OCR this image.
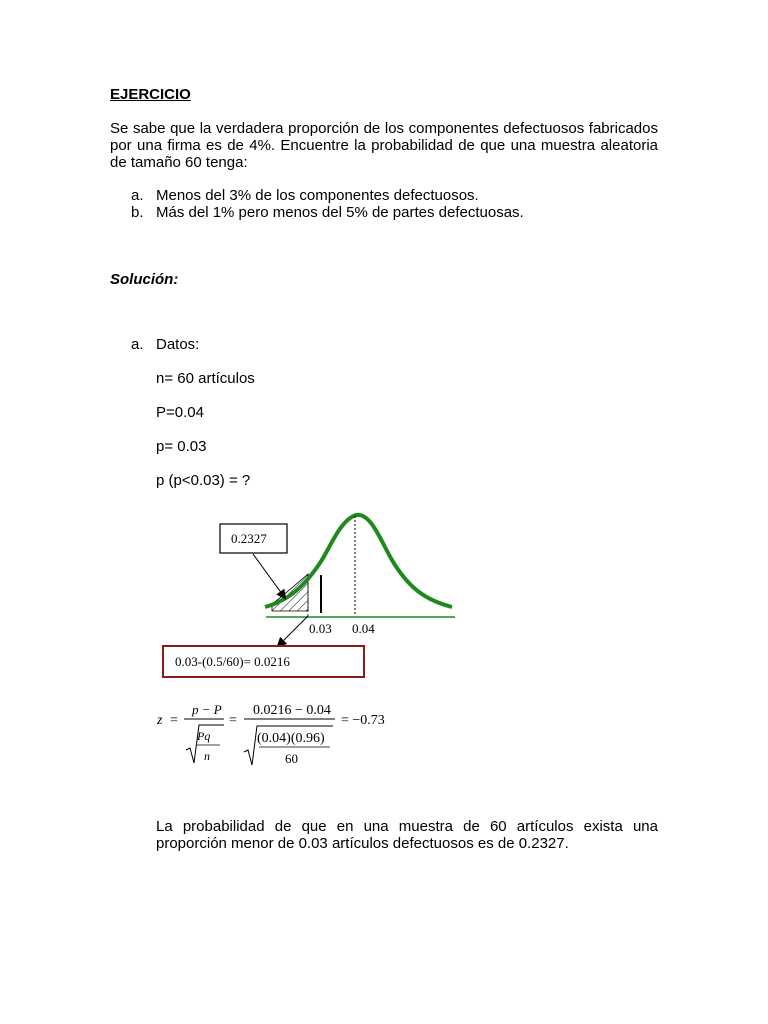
EJERCICIO
Se sabe que la verdadera proporción de los componentes defectuosos fabricados por una firma es de 4%. Encuentre la probabilidad de que una muestra aleatoria de tamaño 60 tenga:
a. Menos del 3% de los componentes defectuosos.
b. Más del 1% pero menos del 5% de partes defectuosas.
Solución:
a. Datos:
n= 60 artículos
P=0.04
p= 0.03
p (p<0.03) = ?
0.2327
0.03 0.04
0.03-(0.5/60)= 0.0216
z =
p − P
Pq
n
=
0.0216 − 0.04
(0.04)(0.96)
60
= −0.73
La probabilidad de que en una muestra de 60 artículos exista una proporción menor de 0.03 artículos defectuosos es de 0.2327.
